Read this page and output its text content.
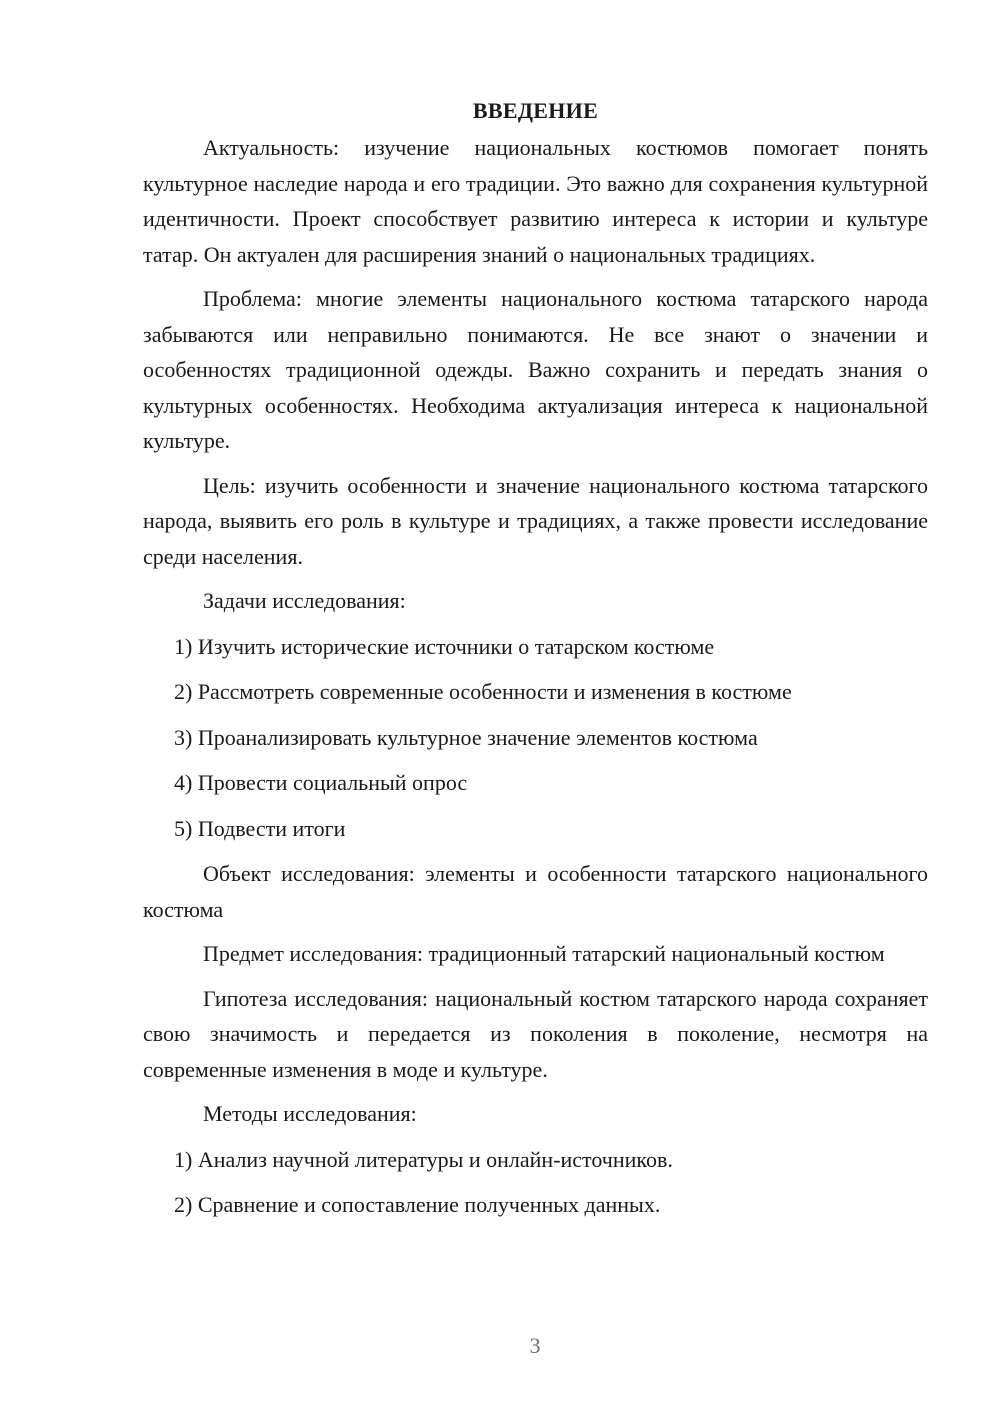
ВВЕДЕНИЕ

Актуальность: изучение национальных костюмов помогает понять культурное наследие народа и его традиции. Это важно для сохранения культурной идентичности. Проект способствует развитию интереса к истории и культуре татар. Он актуален для расширения знаний о национальных традициях.

Проблема: многие элементы национального костюма татарского народа забываются или неправильно понимаются. Не все знают о значении и особенностях традиционной одежды. Важно сохранить и передать знания о культурных особенностях. Необходима актуализация интереса к национальной культуре.

Цель: изучить особенности и значение национального костюма татарского народа, выявить его роль в культуре и традициях, а также провести исследование среди населения.

Задачи исследования:

1) Изучить исторические источники о татарском костюме

2) Рассмотреть современные особенности и изменения в костюме

3) Проанализировать культурное значение элементов костюма

4) Провести социальный опрос

5) Подвести итоги

Объект исследования: элементы и особенности татарского национального костюма

Предмет исследования: традиционный татарский национальный костюм

Гипотеза исследования: национальный костюм татарского народа сохраняет свою значимость и передается из поколения в поколение, несмотря на современные изменения в моде и культуре.

Методы исследования:

1) Анализ научной литературы и онлайн-источников.

2) Сравнение и сопоставление полученных данных.

3
